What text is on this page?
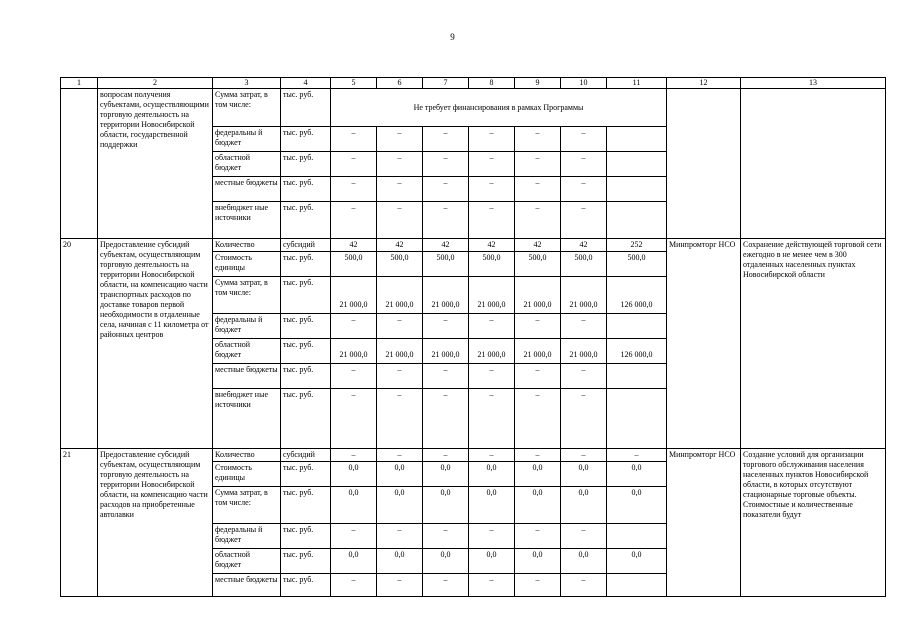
9
1	2	3	4	5	6	7	8	9	10	11	12	13
	вопросам получения субъектами, осуществляющими торговую деятельность на территории Новосибирской области, государственной поддержки	Сумма затрат, в том числе:	тыс. руб.	Не требует финансирования в рамках Программы								
		федеральны й бюджет	тыс. руб.	–	–	–	–	–	–			
		областной бюджет	тыс. руб.	–	–	–	–	–	–			
		местные бюджеты	тыс. руб.	–	–	–	–	–	–			
		внебюджет ные источники	тыс. руб.	–	–	–	–	–	–			
20	Предоставление субсидий субъектам, осуществляющим торговую деятельность на территории Новосибирской области, на компенсацию части транспортных расходов по доставке товаров первой необходимости в отдаленные села, начиная с 11 километра от районных центров	Количество	субсидий	42	42	42	42	42	42	252	Минпромторг НСО	Сохранение действующей торговой сети ежегодно в не менее чем в 300 отдаленных населенных пунктах Новосибирской области
		Стоимость единицы	тыс. руб.	500,0	500,0	500,0	500,0	500,0	500,0	500,0		
		Сумма затрат, в том числе:	тыс. руб.	21 000,0	21 000,0	21 000,0	21 000,0	21 000,0	21 000,0	126 000,0		
		федеральны й бюджет	тыс. руб.	–	–	–	–	–	–			
		областной бюджет	тыс. руб.	21 000,0	21 000,0	21 000,0	21 000,0	21 000,0	21 000,0	126 000,0		
		местные бюджеты	тыс. руб.	–	–	–	–	–	–			
		внебюджет ные источники	тыс. руб.	–	–	–	–	–	–			
21	Предоставление субсидий субъектам, осуществляющим торговую деятельность на территории Новосибирской области, на компенсацию части расходов на приобретенные автолавки	Количество	субсидий	–	–	–	–	–	–	–	Минпромторг НСО	Создание условий для организации торгового обслуживания населения населенных пунктов Новосибирской области, в которых отсутствуют стационарные торговые объекты. Стоимостные и количественные показатели будут
		Стоимость единицы	тыс. руб.	0,0	0,0	0,0	0,0	0,0	0,0	0,0		
		Сумма затрат, в том числе:	тыс. руб.	0,0	0,0	0,0	0,0	0,0	0,0	0,0		
		федеральны й бюджет	тыс. руб.	–	–	–	–	–	–			
		областной бюджет	тыс. руб.	0,0	0,0	0,0	0,0	0,0	0,0	0,0		
		местные бюджеты	тыс. руб.	–	–	–	–	–	–			
